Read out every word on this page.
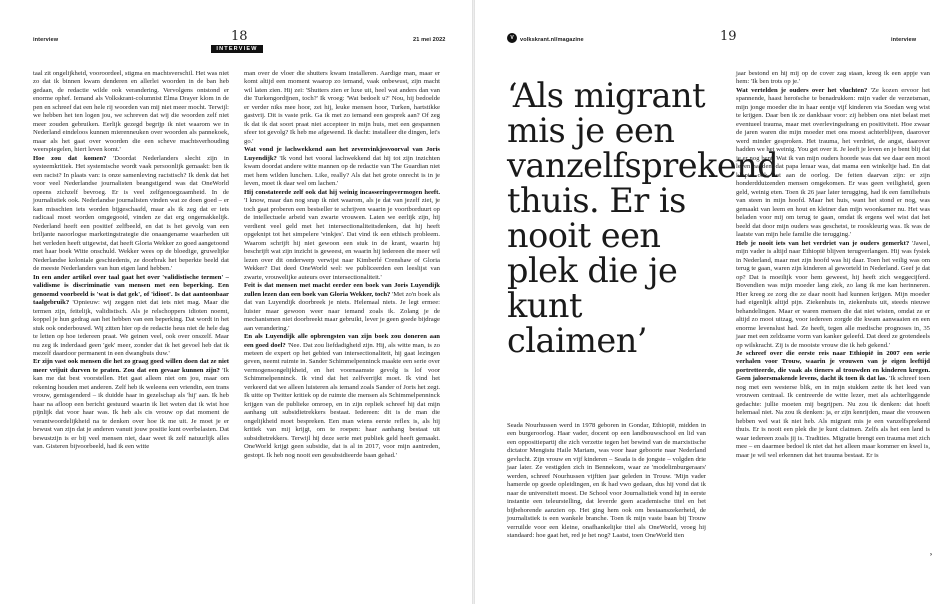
interview	18
INTERVIEW
21 mei 2022

taal zit ongelijkheid, vooroordeel, stigma en machtsverschil. Het was niet zo dat ik binnen kwam denderen en allerlei woorden in de ban heb gedaan, de redactie wilde ook verandering. Vervolgens ontstond er enorme ophef. Iemand als Volkskrant-columnist Elma Drayer klom in de pen en schreef dat een hele rij woorden van mij niet meer mocht. Terwijl: we hebben het ten logen jou, we schreven dat wij die woorden zelf niet meer zouden gebruiken. Eerlijk gezegd begrijp ik niet waarom we in Nederland eindeloos kunnen mierenneuken over woorden als pannekoek, maar als het gaat over woorden die een scheve machtsverhouding weerspiegelen, hiert leven komt.'

Hoe zou dat komen? 'Doordat Nederlanders slecht zijn in systeemkritiek. Het systemische wordt vaak persoonlijk gemaakt: ben ik een racist? In plaats van: is onze samenleving racistisch? Ik denk dat het voor veel Nederlandse journalisten beangstigend was dat OneWorld opeens zichzelf bevroeg. Er is veel zelfgenoegzaamheid. In de journalistiek ook. Nederlandse journalisten vinden wat ze doen goed – er kan misschien iets worden bijgeschaafd, maar als ik zeg dat er iets radicaal moet worden omgegooid, vinden ze dat erg ongemakkelijk. Nederland heeft een positief zelfbeeld, en dat is het gevolg van een briljante naoorlogse marketingstrategie die onaangename waarheden uit het verleden heeft uitgewist, dat heeft Gloria Wekker zo goed aangetoond met haar boek Witte onschuld. Wekker wees op de bloedige, gruwelijke Nederlandse koloniale geschiedenis, ze doorbrak het beperkte beeld dat de meeste Nederlanders van hun eigen land hebben.'

In een ander artikel over taal gaat het over 'validistische termen' – validisme is discriminatie van mensen met een beperking. Een genoemd voorbeeld is 'wat is dat gek', of 'idioot'. Is dat aantoonbaar taalgebruik? 'Opnieuw: wij zeggen niet dat iets niet mag. Maar die termen zijn, feitelijk, validistisch. Als je relschoppers idioten noemt, koppel je hun gedrag aan het hebben van een beperking. Dat wordt in het stuk ook onderbouwd. Wij zitten hier op de redactie heus niet de hele dag te letten op hoe iedereen praat. We geinen veel, ook over onszelf. Maar nu zeg ik inderdaad geen 'gek' meer, zonder dat ik het gevoel heb dat ik mezelf daardoor permanent in een dwangbuis duw.'

Er zijn vast ook mensen die het zo graag goed willen doen dat ze niet meer vrijuit durven te praten. Zou dat een gevaar kunnen zijn? 'Ik kan me dat best voorstellen. Het gaat alleen niet om jou, maar om rekening houden met anderen. Zelf heb ik weleens een vriendin, een trans vrouw, gemisgenderd – ik duidde haar in gezelschap als 'hij' aan. Ik heb haar na afloop een bericht gestuurd waarin ik liet weten dat ik wist hoe pijnlijk dat voor haar was. Ik heb als cis vrouw op dat moment de verantwoordelijkheid na te denken over hoe ik me uit. Je moet je er bewust van zijn dat je anderen vanuit jouw positie kunt overbelasten. Dat bewustzijn is er bij veel mensen niet, daar weet ik zelf natuurlijk alles van. Gisteren bijvoorbeeld, had ik een witte

man over de vloer die shutters kwam installeren. Aardige man, maar er komt altijd een moment waarop zo iemand, vaak onbewust, zijn macht wil laten zien. Hij zei: 'Shutters zien er luxe uit, heel wat anders dan van die Turkengordijnen, toch?' Ik vroeg: 'Wat bedoelt u?' Nou, hij bedoelde er verder niks mee hoor, zei hij, leuke mensen hoor, Turken, hartstikke gastvrij. Dit is vaste prik. Ga ik met zo iemand een gesprek aan? Of zeg ik dat ik dat soort praat niet accepteer in mijn huis, met een gespannen sfeer tot gevolg? Ik heb me afgewend. Ik dacht: installeer die dingen, let's go.'

Wat vond je lachwekkend aan het zevenvinkjesvoorval van Joris Luyendijk? 'Ik vond het vooral lachwekkend dat hij tot zijn inzichten kwam doordat andere witte mannen op de redactie van The Guardian niet met hem wilden lunchen. Like, really? Als dat het grote onrecht is in je leven, moet ik daar wel om lachen.'

Hij constateerde zelf ook dat hij weinig incasseringsvermogen heeft. 'I know, maar dan nog snap ik niet waarom, als je dat van jezelf ziet, je toch gaat proberen een bestseller te schrijven waarin je voortborduurt op de intellectuele arbeid van zwarte vrouwen. Laten we eerlijk zijn, hij verdient veel geld met het intersectionaliteitsdenken, dat hij heeft opgeknipt tot het simpelere 'vinkjes'. Dat vind ik een ethisch probleem. Waarom schrijft hij niet gewoon een stuk in de krant, waarin hij beschrijft wat zijn inzicht is geweest, en waarin hij iedereen die meer wil lezen over dit onderwerp verwijst naar Kimberlé Crenshaw of Gloria Wekker? Dat deed OneWorld wel: we publiceerden een leeslijst van zwarte, vrouwelijke auteurs over intersectionaliteit.'

Feit is dat mensen met macht eerder een boek van Joris Luyendijk zullen lezen dan een boek van Gloria Wekker, toch? 'Met zo'n boek als dat van Luyendijk doorbreek je niets. Helemaal niets. Je legt ermee: luister maar gewoon weer naar iemand zoals ik. Zolang je de mechanismen niet doorbreekt maar gebruikt, lever je geen goede bijdrage aan verandering.'

En als Luyendijk alle opbrengsten van zijn boek zou doneren aan een goed doel? 'Nee. Dat zou liefdadigheid zijn. Hij, als witte man, is zo meteen de expert op het gebied van intersectionaliteit, hij gaat lezingen geven, neemt ruimte in. Sander Schimmelpenninck maakte een serie over vermogensongelijkheid, en het voornaamste gevolg is lof voor Schimmelpenninck. Ik vind dat het zelfverrijkt moet. Ik vind het verkeerd dat we alleen luisteren als iemand zoals Sander of Joris het zegt. Ik uitte op Twitter kritiek op de ruimte die mensen als Schimmelpenninck krijgen van de publieke omroep, en in zijn repliek schreef hij dat mijn aanhang uit subsidietrekkers bestaat. Iedereen: dit is de man die ongelijkheid moet bespreken. Een man wiens eerste reflex is, als hij kritiek van mij krijgt, om te roepen: haar aanhang bestaat uit subsidietrekkers. Terwijl hij deze serie met publiek geld heeft gemaakt. OneWorld krijgt geen subsidie, dat is al in 2017, voor mijn aantreden, gestopt. Ik heb nog nooit een gesubsidieerde baan gehad.'

V	volkskrant.nl/magazine	19	interview
‘Als migrant mis je een vanzelfsprekend thuis. Er is nooit een plek die je kunt claimen’

Seada Nourhussen werd in 1978 geboren in Gondar, Ethiopië, midden in een burgeroorlog. Haar vader, docent op een landbouwschool en lid van een oppositiepartij die zich verzette tegen het bewind van de marxistische dictator Mengistu Haile Mariam, was voor haar geboorte naar Nederland gevlucht. Zijn vrouw en vijf kinderen – Seada is de jongste – volgden drie jaar later. Ze vestigden zich in Bennekom, waar ze 'modelimburgeraars' werden, schreef Nourhussen vijftien jaar geleden in Trouw. 'Mijn vader hamerde op goede opleidingen, en ik had vwo gedaan, dus hij vond dat ik naar de universiteit moest. De School voor Journalistiek vond hij in eerste instantie een teleurstelling, dat leverde geen academische titel en het bijbehorende aanzien op. Het ging hem ook om bestaanszekerheid, de journalistiek is een wankele branche. Toen ik mijn vaste baan bij Trouw verruilde voor een kleine, onafhankelijke titel als OneWorld, vroeg hij standaard: hoe gaat het, red je het nog? Laatst, toen OneWorld tien

jaar bestond en hij mij op de cover zag staan, kreeg ik een appje van hem: 'Ik ben trots op je.'

Wat vertelden je ouders over het vluchten? 'Ze kozen ervoor het spannende, haast heroïsche te benadrukken: mijn vader de verzetsman, mijn jonge moeder die in haar eentje vijf kinderen via Soedan weg wist te krijgen. Daar ben ik ze dankbaar voor: zij hebben ons niet belast met eventueel trauma, maar met overlevingsdrang en positiviteit. Hoe zwaar de jaren waren die mijn moeder met ons moest achterblijven, daarover werd minder gesproken. Het trauma, het verdriet, de angst, daarover hadden we het weinig. You get over it. Je leeft je leven en je bent blij dat je er nog bent. Wat ik van mijn ouders hoorde was dat we daar een mooi leven hadden, dat papa leraar was, dat mama een winkeltje had. En dat klopte ook, tot aan de oorlog. De feiten daarvan zijn: er zijn honderdduizenden mensen omgekomen. Er was geen veiligheid, geen geld, weinig eten. Toen ik 26 jaar later terugging, had ik een familiehuis van steen in mijn hoofd. Maar het huis, want het stond er nog, was gemaakt van leem en hout en kleiner dan mijn woonkamer nu. Het was beladen voor mij om terug te gaan, omdat ik ergens wel wist dat het beeld dat door mijn ouders was geschetst, te rooskleurig was. Ik was de laatste van mijn hele familie die terugging.'

Heb je nooit iets van het verdriet van je ouders gemerkt? 'Jawel, mijn vader is altijd naar Ethiopië blijven terugverlangen. Hij was fysiek in Nederland, maar met zijn hoofd was hij daar. Toen het veilig was om terug te gaan, waren zijn kinderen al geworteld in Nederland. Geef je dat op? Dat is moeilijk voor hem geweest, hij heeft zich weggecijferd. Bovendien was mijn moeder lang ziek, zo lang ik me kan herinneren. Hier kreeg ze zorg die ze daar nooit had kunnen krijgen. Mijn moeder had eigenlijk altijd pijn. Ziekenhuis in, ziekenhuis uit, steeds nieuwe behandelingen. Maar er waren mensen die dat niet wisten, omdat ze er altijd zo mooi uitzag, voor iedereen zorgde die kwam aanwaaien en een enorme levenslust had. Ze heeft, tegen alle medische prognoses in, 35 jaar met een zeldzame vorm van kanker geleefd. Dat deed ze grotendeels op wilskracht. Zij is de mooiste vrouw die ik heb gekend.'

Je schreef over die eerste reis naar Ethiopië in 2007 een serie verhalen voor Trouw, waarin je vrouwen van je eigen leeftijd portretteerde, die vaak als tieners al trouwden en kinderen kregen. Geen jaloersmakende levens, dacht ik toen ik dat las. 'Ik schreef toen nog met een westerse blik, en in mijn stukken zette ik het leed van vrouwen centraal. Ik centreerde de witte lezer, met als achterliggende gedachte: jullie moeten mij begrijpen. Nu zou ik denken: dat hoeft helemaal niet. Na zou ik denken: ja, er zijn kenrijden, maar die vrouwen hebben wel wat ik niet heb. Als migrant mis je een vanzelfsprekend thuis. Er is nooit een plek die je kunt claimen. Zelfs als het een land is waar iedereen zoals jij is. Tradities. Migratie brengt een trauma met zich mee – en daarmee bedoel ik niet dat het alleen maar kommer en kwel is, maar je wil wel erkennen dat het trauma bestaat. Er is

›
